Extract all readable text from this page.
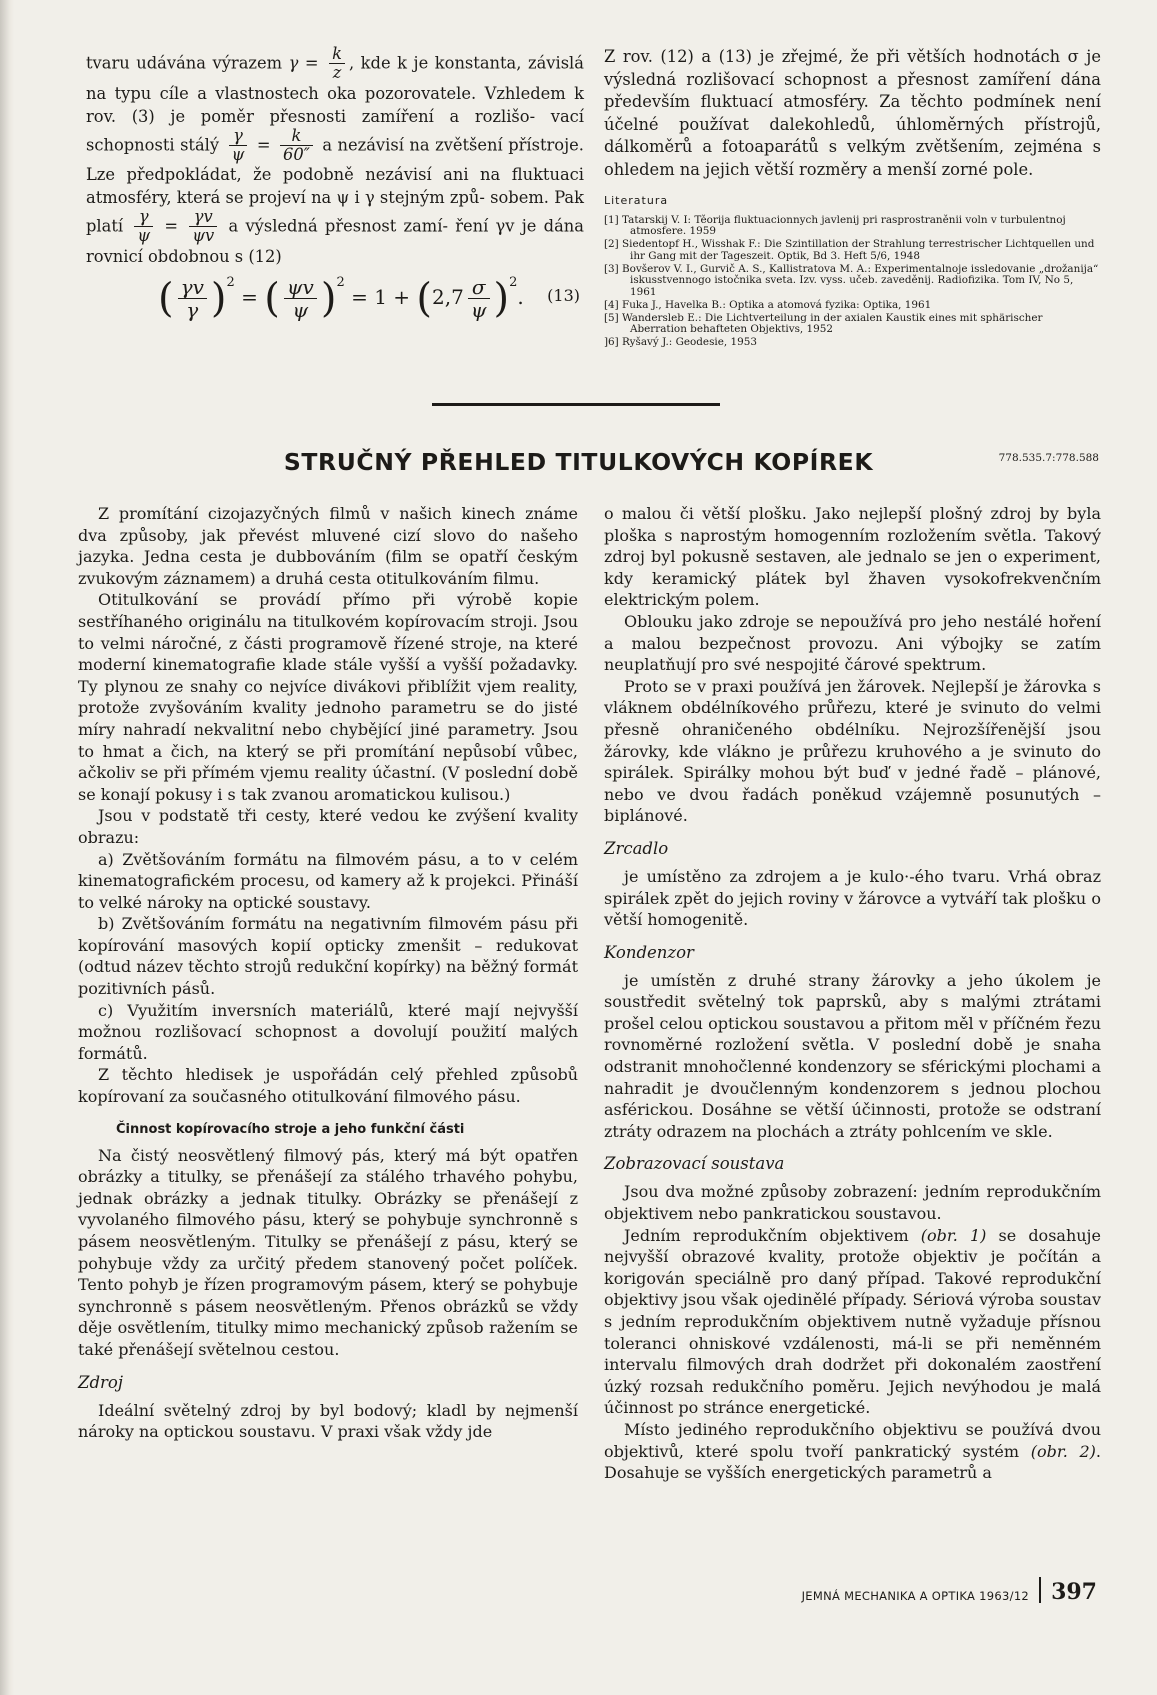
tvaru udávána výrazem $\gamma = \frac{k}{z}$ , kde k je konstanta, závislá na typu cíle a vlastnostech oka pozorovatele. Vzhledem k rov. (3) je poměr přesnosti zamíření a rozlišo- vací schopnosti stálý $\frac{\gamma}{\psi} = \frac{k}{60''}$ a nezávisí na zvětšení přístroje. Lze předpokládat, že podobně nezávisí ani na fluktuaci atmosféry, která se projeví na ψ i γ stejným způ- sobem. Pak platí $\frac{\gamma}{\psi} = \frac{\gamma v}{\psi v}$ a výsledná přesnost zamí- ření γv je dána rovnicí obdobnou s (12)

( $\frac{\gamma v}{\gamma} )^2$ = ( $\frac{\psi v}{\psi} )^2 = 1 + (2,7 \frac{\sigma}{\psi} )^2$. (13)

Z rov. (12) a (13) je zřejmé, že při větších hodnotách σ je výsledná rozlišovací schopnost a přesnost zamíření dána především fluktuací atmosféry. Za těchto podmínek není účelné používat dalekohledů, úhloměrných přístrojů, dálkoměrů a fotoaparátů s velkým zvětšením, zejména s ohledem na jejich větší rozměry a menší zorné pole.

Literatura

[1] Tatarskij V. I: Těorija fluktuacionnych javlenij pri rasprostraněnii voln v turbulentnoj atmosfere. 1959

[2] Siedentopf H., Wisshak F.: Die Szintillation der Strahlung terrestrischer Lichtquellen und ihr Gang mit der Tageszeit. Optik, Bd 3. Heft 5/6, 1948

[3] Bovšerov V. I., Gurvič A. S., Kallistratova M. A.: Experimentalnoje issledovanie „drožanija“ iskusstvennogo istočnika sveta. Izv. vyss. učeb. zaveděnij. Radiofizika. Tom IV, No 5, 1961

[4] Fuka J., Havelka B.: Optika a atomová fyzika: Optika, 1961

[5] Wandersleb E.: Die Lichtverteilung in der axialen Kaustik eines mit sphärischer Aberration behafteten Objektivs, 1952

]6] Ryšavý J.: Geodesie, 1953

STRUČNÝ PŘEHLED TITULKOVÝCH KOPÍREK	778.535.7:778.588

Z promítání cizojazyčných filmů v našich kinech známe dva způsoby, jak převést mluvené cizí slovo do našeho jazyka. Jedna cesta je dubbováním (film se opatří českým zvukovým záznamem) a druhá cesta otitulkováním filmu.

Otitulkování se provádí přímo při výrobě kopie sestříhaného originálu na titulkovém kopírovacím stroji. Jsou to velmi náročné, z části programově řízené stroje, na které moderní kinematografie klade stále vyšší a vyšší požadavky. Ty plynou ze snahy co nejvíce divákovi přiblížit vjem reality, protože zvyšováním kvality jednoho parametru se do jisté míry nahradí nekvalitní nebo chybějící jiné parametry. Jsou to hmat a čich, na který se při promítání nepůsobí vůbec, ačkoliv se při přímém vjemu reality účastní. (V poslední době se konají pokusy i s tak zvanou aromatickou kulisou.)

Jsou v podstatě tři cesty, které vedou ke zvýšení kvality obrazu:

a) Zvětšováním formátu na filmovém pásu, a to v celém kinematografickém procesu, od kamery až k projekci. Přináší to velké nároky na optické soustavy.

b) Zvětšováním formátu na negativním filmovém pásu při kopírování masových kopií opticky zmenšit – redukovat (odtud název těchto strojů redukční kopírky) na běžný formát pozitivních pásů.

c) Využitím inversních materiálů, které mají nejvyšší možnou rozlišovací schopnost a dovolují použití malých formátů.

Z těchto hledisek je uspořádán celý přehled způsobů kopírovaní za současného otitulkování filmového pásu.

Činnost kopírovacího stroje a jeho funkční části

Na čistý neosvětlený filmový pás, který má být opatřen obrázky a titulky, se přenášejí za stálého trhavého pohybu, jednak obrázky a jednak titulky. Obrázky se přenášejí z vyvolaného filmového pásu, který se pohybuje synchronně s pásem neosvětleným. Titulky se přenášejí z pásu, který se pohybuje vždy za určitý předem stanovený počet políček. Tento pohyb je řízen programovým pásem, který se pohybuje synchronně s pásem neosvětleným. Přenos obrázků se vždy děje osvětlením, titulky mimo mechanický způsob ražením se také přenášejí světelnou cestou.

Zdroj

Ideální světelný zdroj by byl bodový; kladl by nejmenší nároky na optickou soustavu. V praxi však vždy jde

o malou či větší plošku. Jako nejlepší plošný zdroj by byla ploška s naprostým homogenním rozložením světla. Takový zdroj byl pokusně sestaven, ale jednalo se jen o experiment, kdy keramický plátek byl žhaven vysokofrekvenčním elektrickým polem.

Oblouku jako zdroje se nepoužívá pro jeho nestálé hoření a malou bezpečnost provozu. Ani výbojky se zatím neuplatňují pro své nespojité čárové spektrum.

Proto se v praxi používá jen žárovek. Nejlepší je žárovka s vláknem obdélníkového průřezu, které je svinuto do velmi přesně ohraničeného obdélníku. Nejrozšířenější jsou žárovky, kde vlákno je průřezu kruhového a je svinuto do spirálek. Spirálky mohou být buď v jedné řadě – plánové, nebo ve dvou řadách poněkud vzájemně posunutých – biplánové.

Zrcadlo

je umístěno za zdrojem a je kulo·‑ého tvaru. Vrhá obraz spirálek zpět do jejich roviny v žárovce a vytváří tak plošku o větší homogenitě.

Kondenzor

je umístěn z druhé strany žárovky a jeho úkolem je soustředit světelný tok paprsků, aby s malými ztrátami prošel celou optickou soustavou a přitom měl v příčném řezu rovnoměrné rozložení světla. V poslední době je snaha odstranit mnohočlenné kondenzory se sférickými plochami a nahradit je dvoučlenným kondenzorem s jednou plochou asférickou. Dosáhne se větší účinnosti, protože se odstraní ztráty odrazem na plochách a ztráty pohlcením ve skle.

Zobrazovací soustava

Jsou dva možné způsoby zobrazení: jedním reprodukčním objektivem nebo pankratickou soustavou.

Jedním reprodukčním objektivem (obr. 1) se dosahuje nejvyšší obrazové kvality, protože objektiv je počítán a korigován speciálně pro daný případ. Takové reprodukční objektivy jsou však ojedinělé případy. Sériová výroba soustav s jedním reprodukčním objektivem nutně vyžaduje přísnou toleranci ohniskové vzdálenosti, má-li se při neměnném intervalu filmových drah dodržet při dokonalém zaostření úzký rozsah redukčního poměru. Jejich nevýhodou je malá účinnost po stránce energetické.

Místo jediného reprodukčního objektivu se používá dvou objektivů, které spolu tvoří pankratický systém (obr. 2). Dosahuje se vyšších energetických parametrů a

JEMNÁ MECHANIKA A OPTIKA 1963/12	397
